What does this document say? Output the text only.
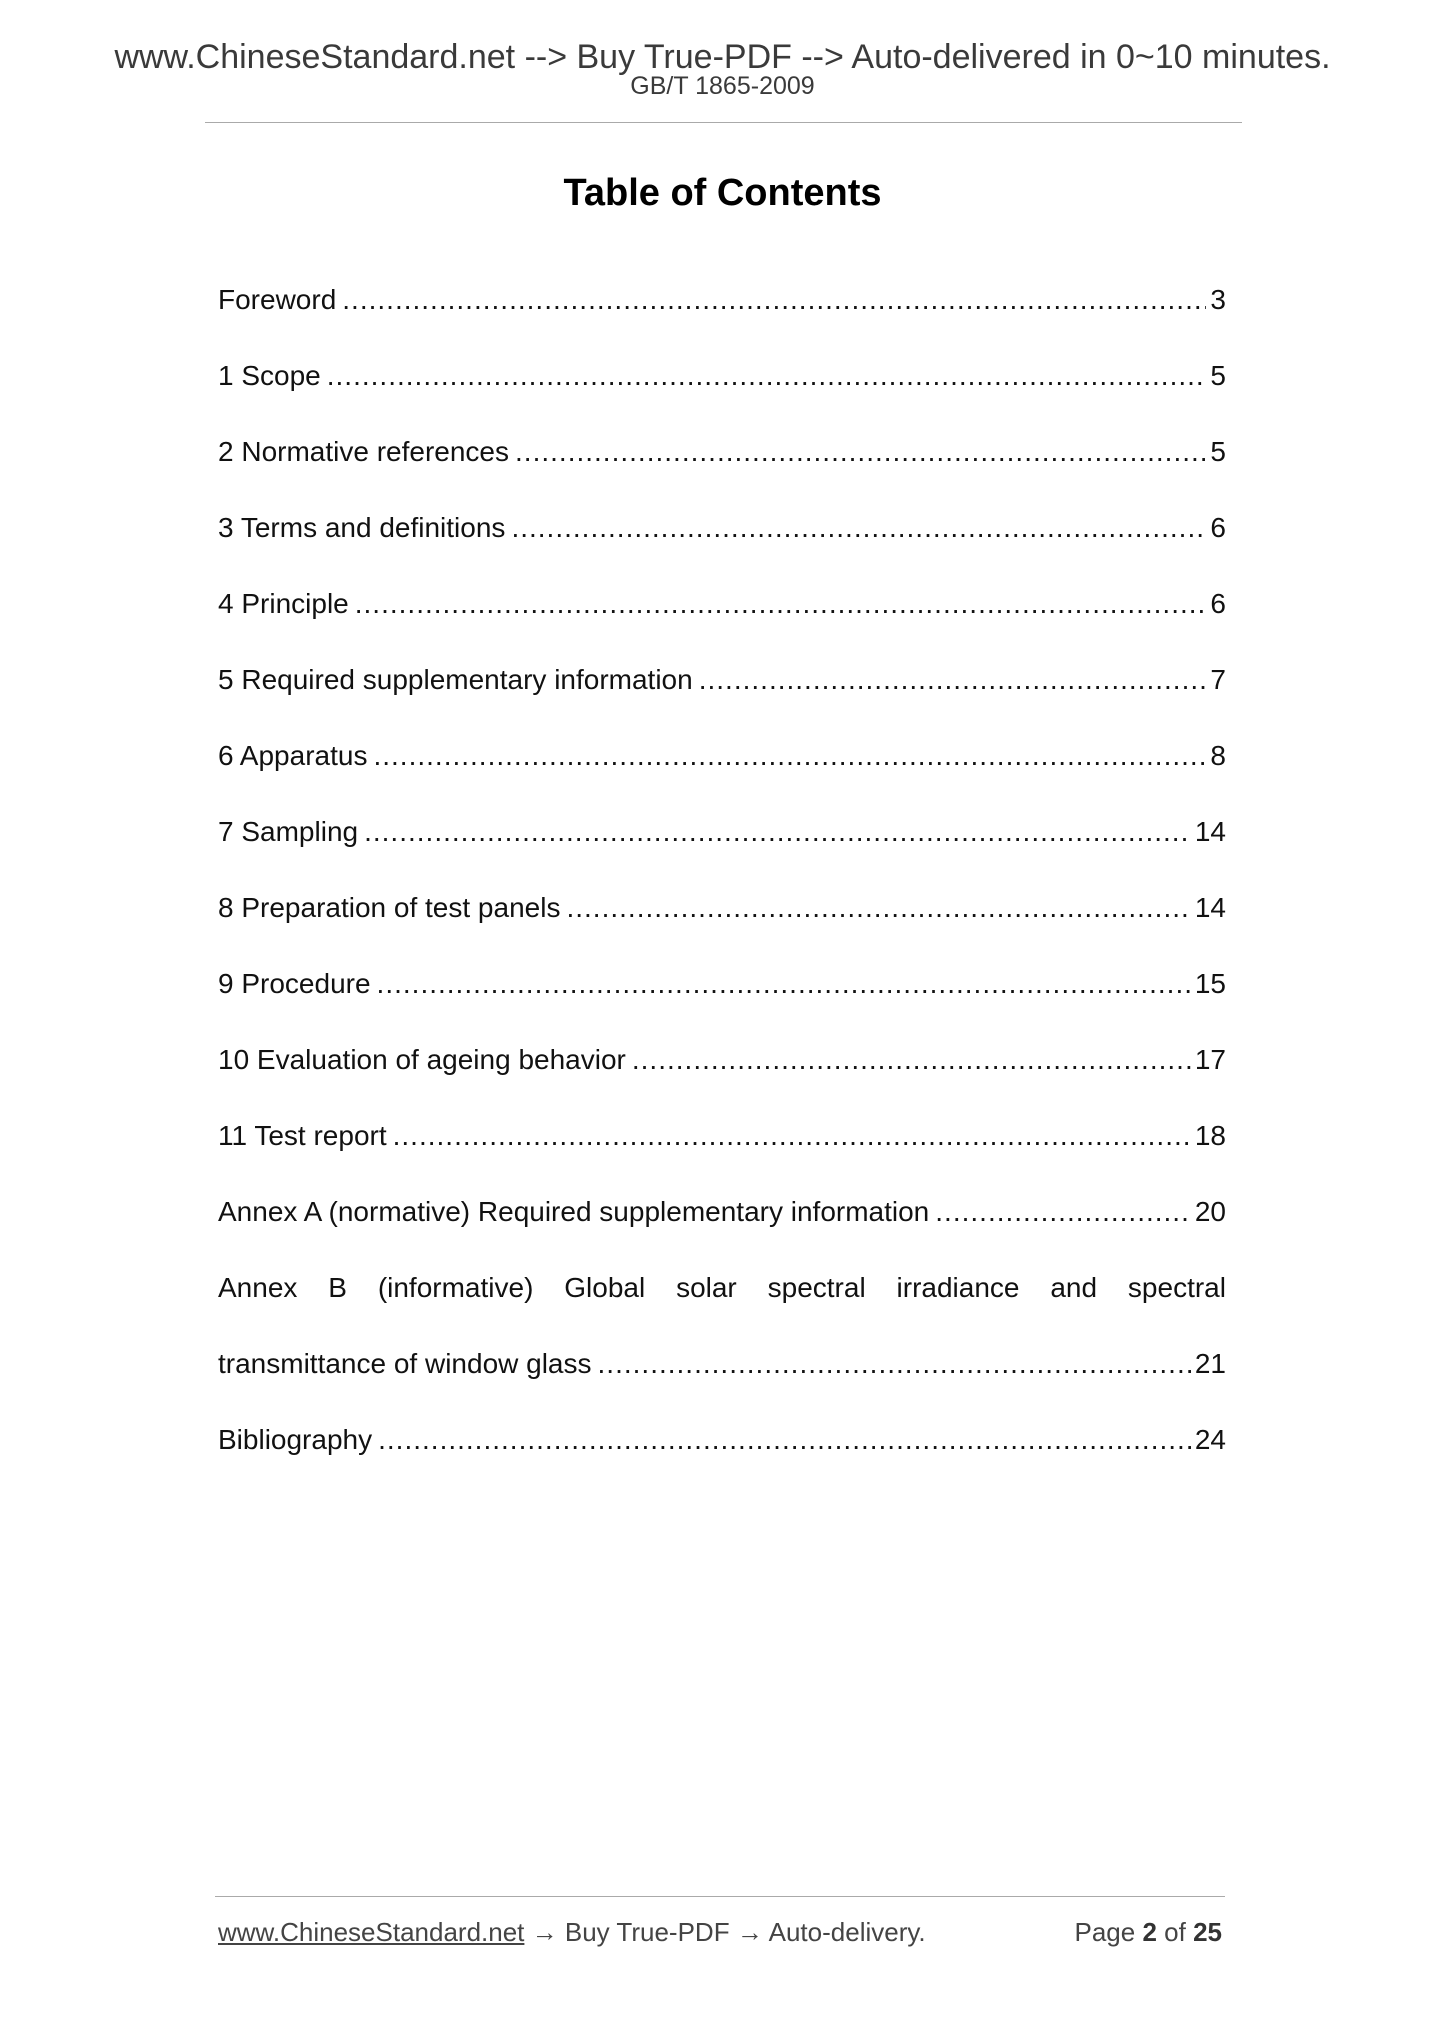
www.ChineseStandard.net --> Buy True-PDF --> Auto-delivered in 0~10 minutes.
GB/T 1865-2009
Table of Contents
Foreword .....	3
1 Scope .....	5
2 Normative references .....	5
3 Terms and definitions .....	6
4 Principle .....	6
5 Required supplementary information .....	7
6 Apparatus .....	8
7 Sampling .....	14
8 Preparation of test panels .....	14
9 Procedure .....	15
10 Evaluation of ageing behavior .....	17
11 Test report .....	18
Annex A (normative) Required supplementary information .....	20
Annex B (informative) Global solar spectral irradiance and spectral
transmittance of window glass .....	21
Bibliography .....	24
www.ChineseStandard.net → Buy True-PDF → Auto-delivery.	Page 2 of 25
